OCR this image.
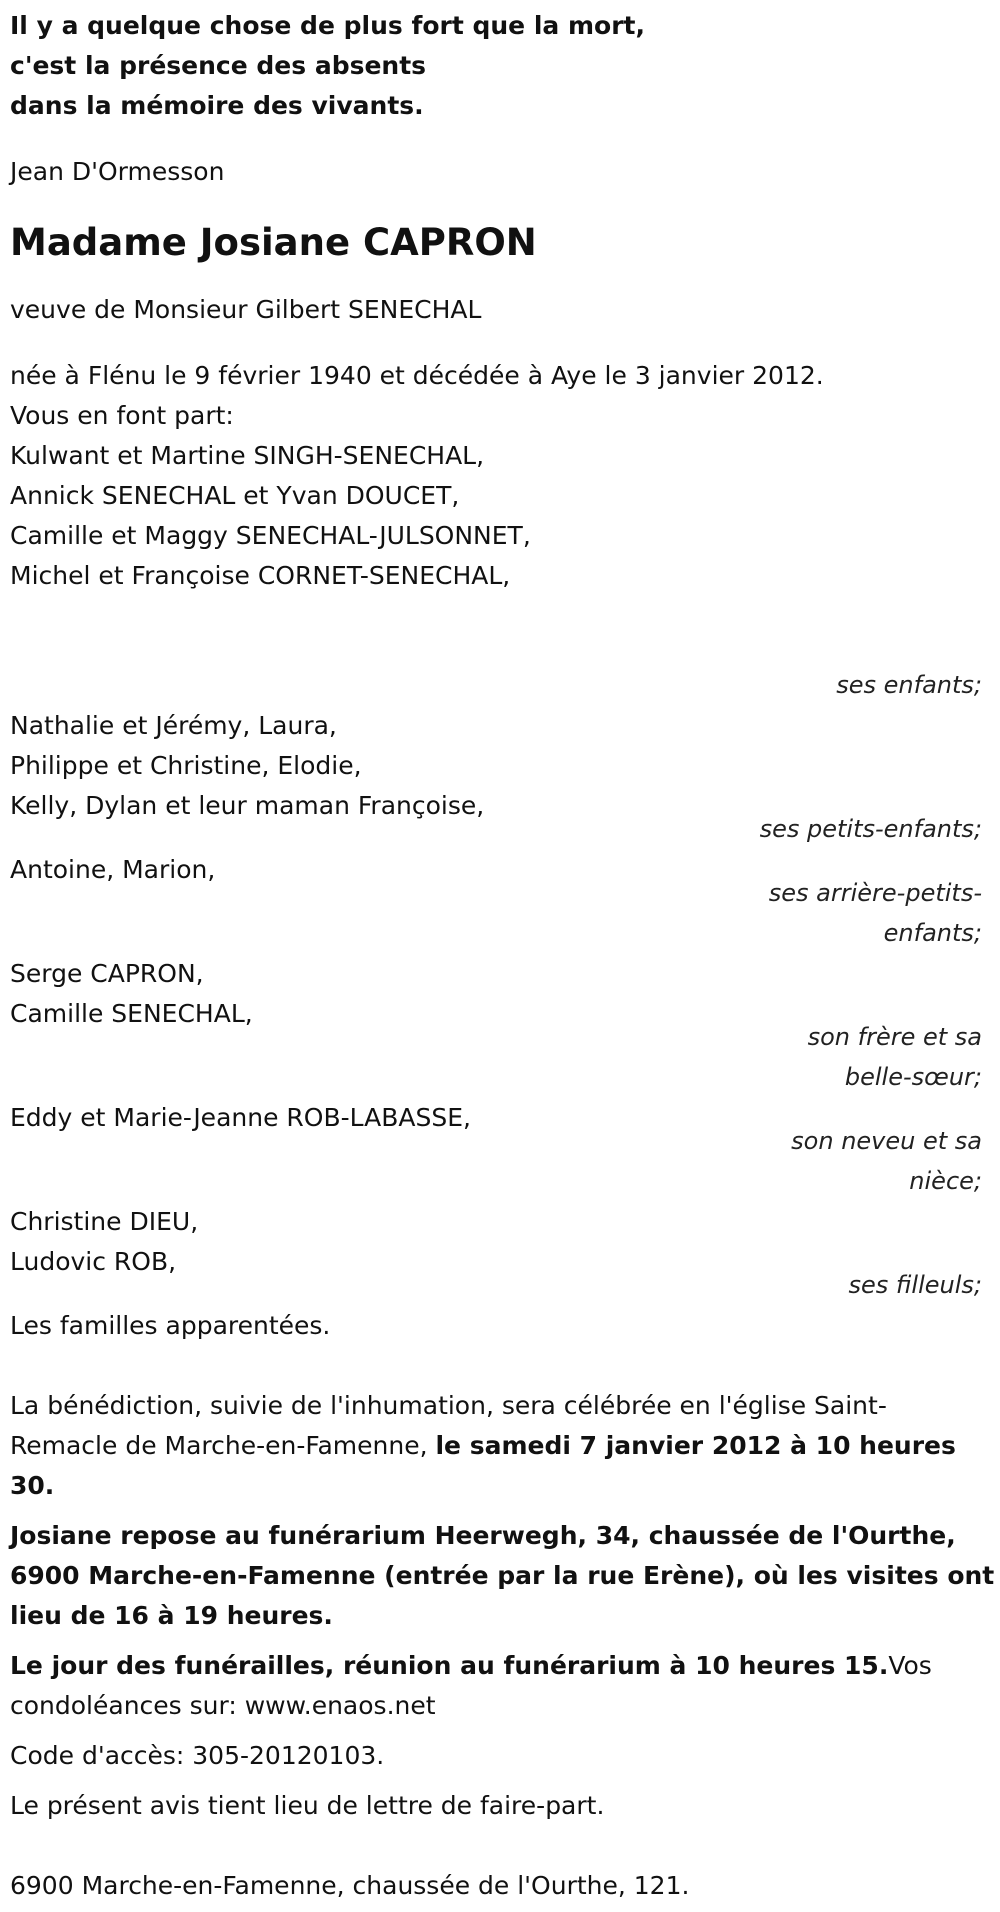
Il y a quelque chose de plus fort que la mort,
c'est la présence des absents
dans la mémoire des vivants.
Jean D'Ormesson
Madame Josiane CAPRON
veuve de Monsieur Gilbert SENECHAL
née à Flénu le 9 février 1940 et décédée à Aye le 3 janvier 2012.
Vous en font part:
Kulwant et Martine SINGH-SENECHAL,
Annick SENECHAL et Yvan DOUCET,
Camille et Maggy SENECHAL-JULSONNET,
Michel et Françoise CORNET-SENECHAL,
ses enfants;
Nathalie et Jérémy, Laura,
Philippe et Christine, Elodie,
Kelly, Dylan et leur maman Françoise,
ses petits-enfants;
Antoine, Marion,
ses arrière-petits-
enfants;
Serge CAPRON,
Camille SENECHAL,
son frère et sa
belle-sœur;
Eddy et Marie-Jeanne ROB-LABASSE,
son neveu et sa
nièce;
Christine DIEU,
Ludovic ROB,
ses filleuls;
Les familles apparentées.
La bénédiction, suivie de l'inhumation, sera célébrée en l'église Saint-
Remacle de Marche-en-Famenne, le samedi 7 janvier 2012 à 10 heures
30.
Josiane repose au funérarium Heerwegh, 34, chaussée de l'Ourthe,
6900 Marche-en-Famenne (entrée par la rue Erène), où les visites ont
lieu de 16 à 19 heures.
Le jour des funérailles, réunion au funérarium à 10 heures 15.Vos
condoléances sur: www.enaos.net
Code d'accès: 305-20120103.
Le présent avis tient lieu de lettre de faire-part.
6900 Marche-en-Famenne, chaussée de l'Ourthe, 121.
